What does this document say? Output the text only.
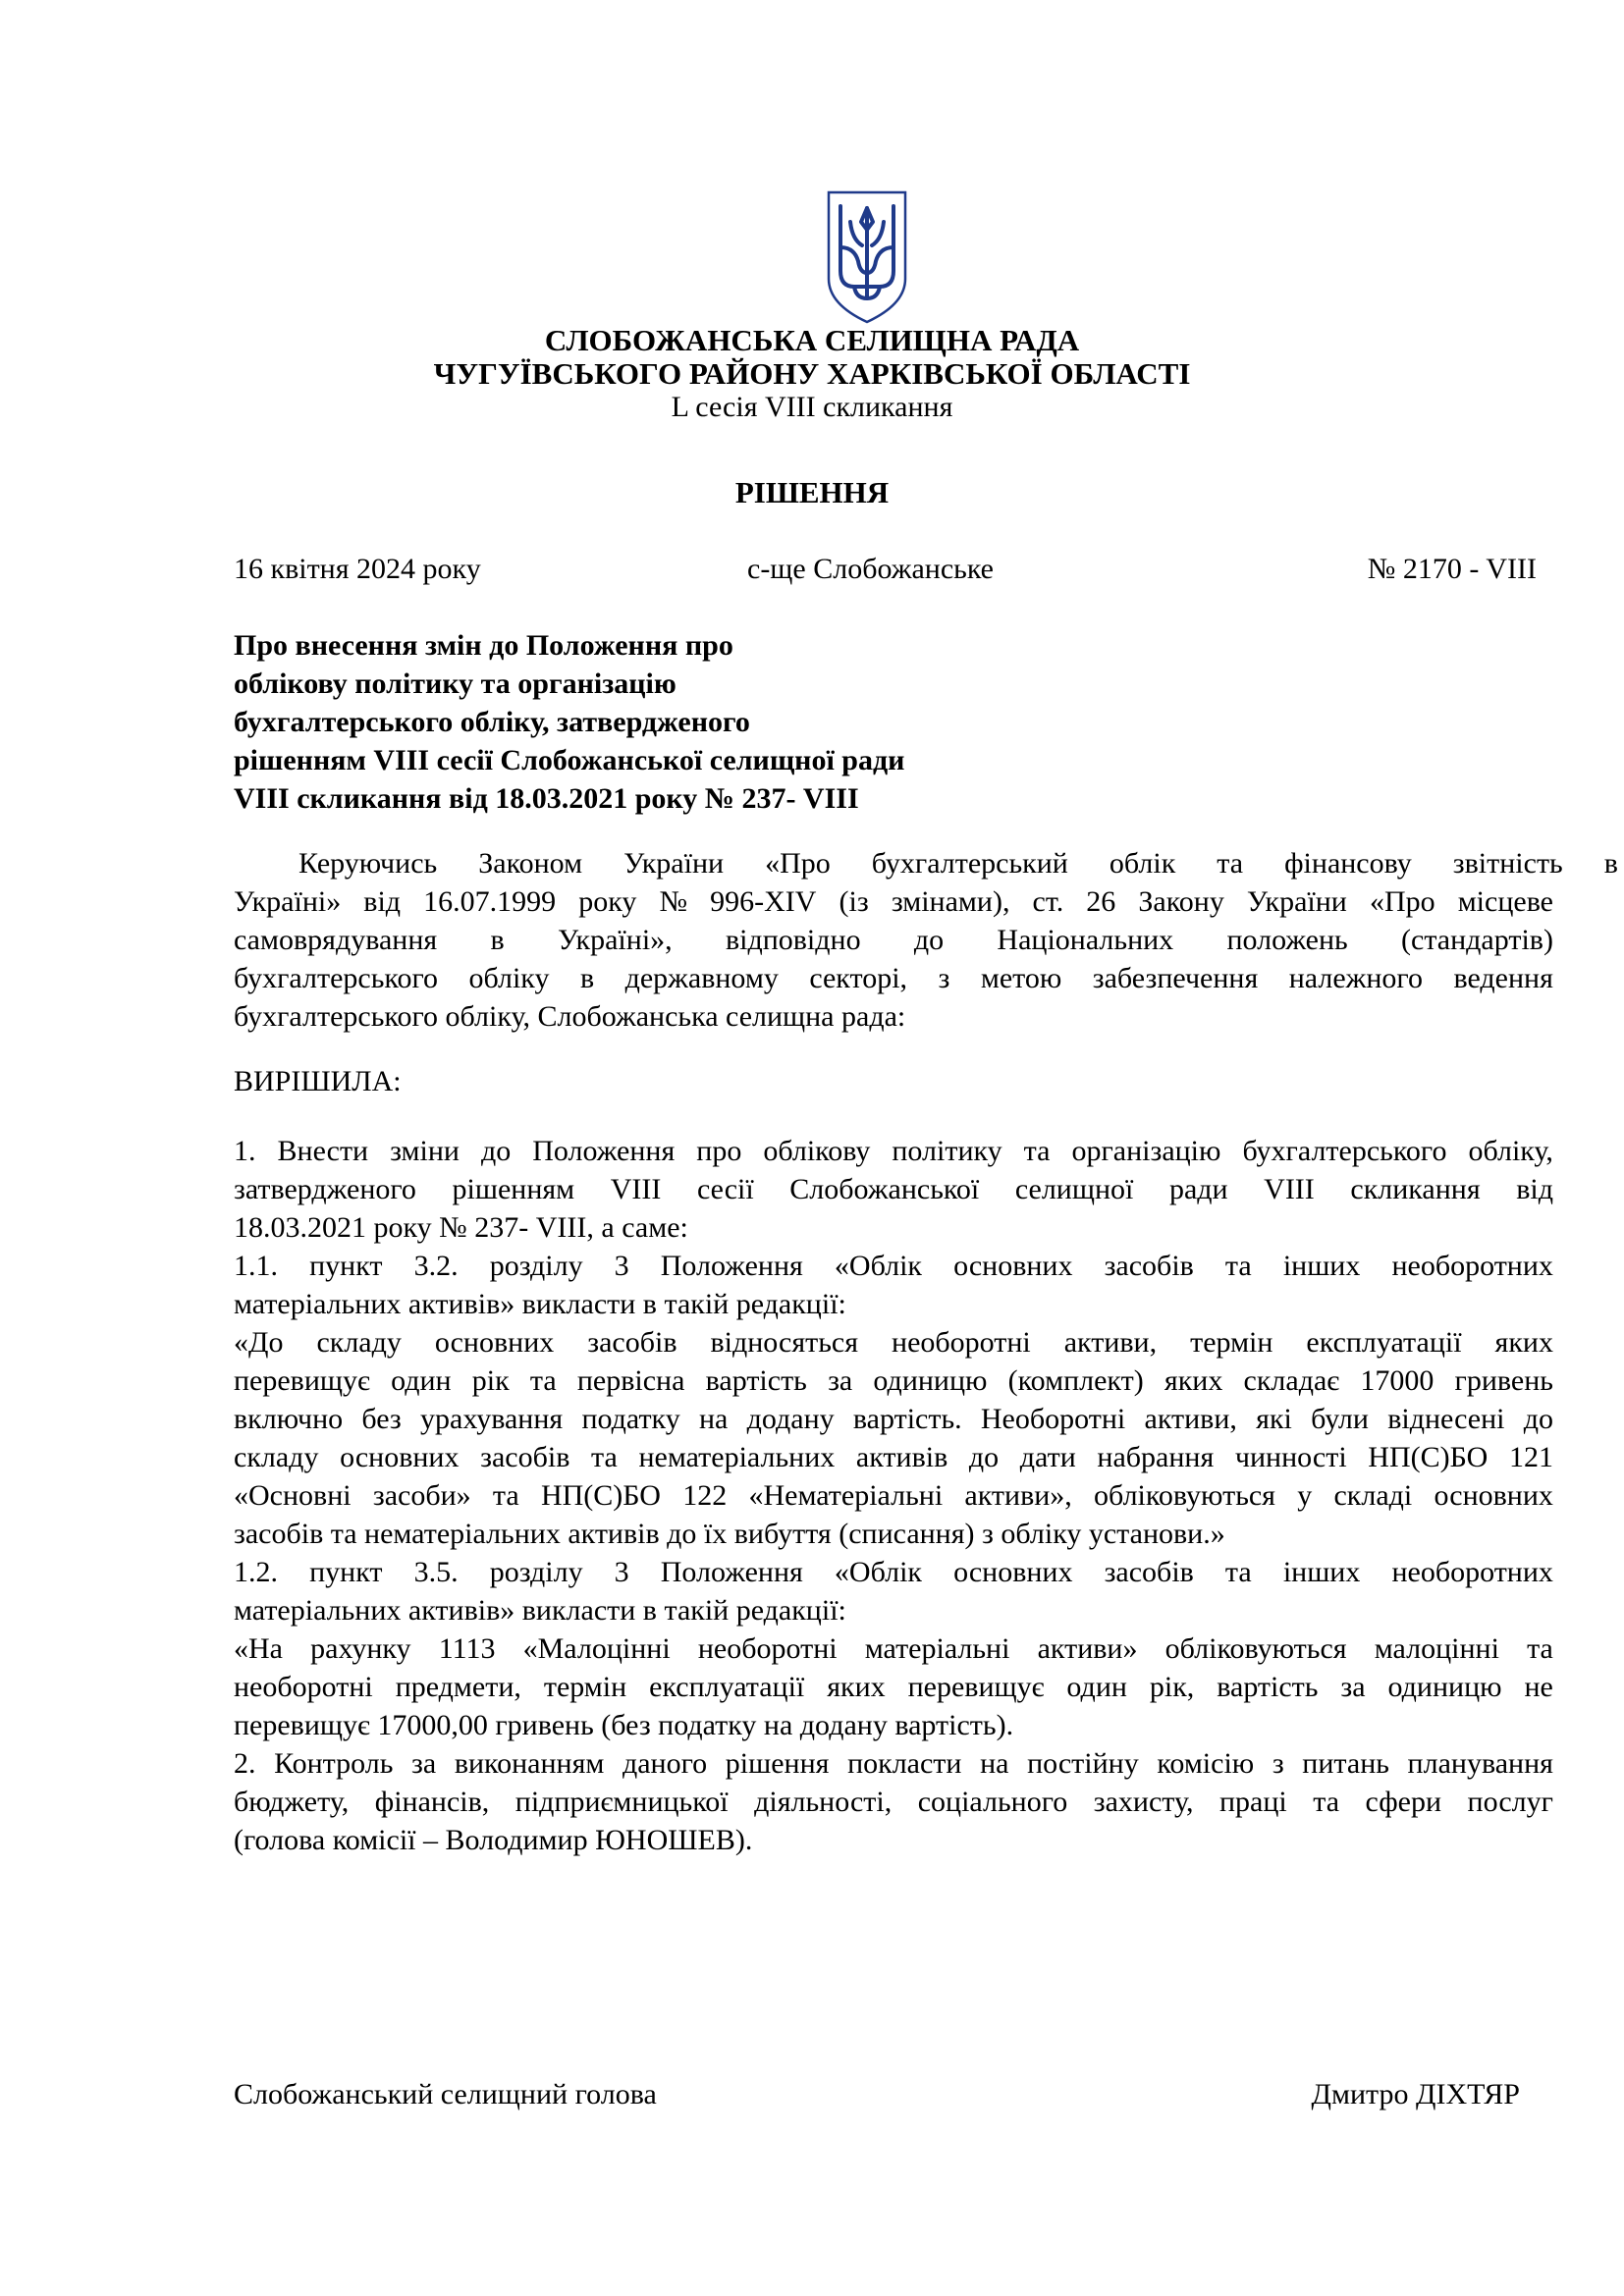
СЛОБОЖАНСЬКА СЕЛИЩНА РАДА
ЧУГУЇВСЬКОГО РАЙОНУ ХАРКІВСЬКОЇ ОБЛАСТІ
L сесія VIII скликання
РІШЕННЯ
16 квітня 2024 року	с-ще Слобожанське	№ 2170 - VIII
Про внесення змін до Положення про
облікову політику та організацію
бухгалтерського обліку, затвердженого
рішенням VIII сесії Слобожанської селищної ради
VIII скликання від 18.03.2021 року № 237- VIII
Керуючись Законом України «Про бухгалтерський облік та фінансову звітність в
Україні» від 16.07.1999 року № 996-XIV (із змінами), ст. 26 Закону України «Про місцеве
самоврядування в Україні», відповідно до Національних положень (стандартів)
бухгалтерського обліку в державному секторі, з метою забезпечення належного ведення
бухгалтерського обліку, Слобожанська селищна рада:
ВИРІШИЛА:
1. Внести зміни до Положення про облікову політику та організацію бухгалтерського обліку,
затвердженого рішенням VIII сесії Слобожанської селищної ради VIII скликання від
18.03.2021 року № 237- VIII, а саме:
1.1. пункт 3.2. розділу 3 Положення «Облік основних засобів та інших необоротних
матеріальних активів» викласти в такій редакції:
«До складу основних засобів відносяться необоротні активи, термін експлуатації яких
перевищує один рік та первісна вартість за одиницю (комплект) яких складає 17000 гривень
включно без урахування податку на додану вартість. Необоротні активи, які були віднесені до
складу основних засобів та нематеріальних активів до дати набрання чинності НП(С)БО 121
«Основні засоби» та НП(С)БО 122 «Нематеріальні активи», обліковуються у складі основних
засобів та нематеріальних активів до їх вибуття (списання) з обліку установи.»
1.2. пункт 3.5. розділу 3 Положення «Облік основних засобів та інших необоротних
матеріальних активів» викласти в такій редакції:
«На рахунку 1113 «Малоцінні необоротні матеріальні активи» обліковуються малоцінні та
необоротні предмети, термін експлуатації яких перевищує один рік, вартість за одиницю не
перевищує 17000,00 гривень (без податку на додану вартість).
2. Контроль за виконанням даного рішення покласти на постійну комісію з питань планування
бюджету, фінансів, підприємницької діяльності, соціального захисту, праці та сфери послуг
(голова комісії – Володимир ЮНОШЕВ).
Слобожанський селищний голова	Дмитро ДІХТЯР
